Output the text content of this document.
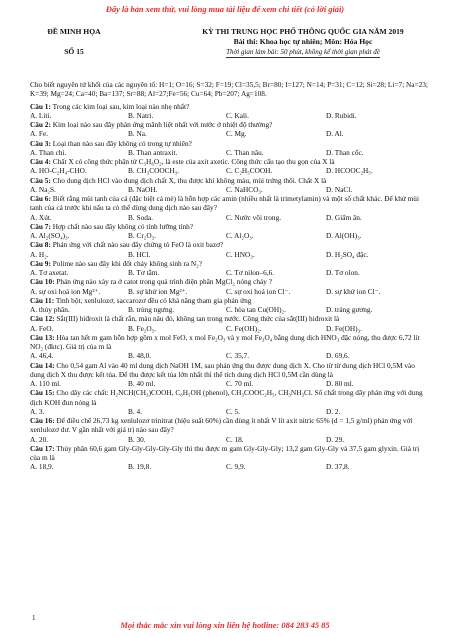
Đây là bản xem thử, vui lòng mua tài liệu để xem chi tiết (có lời giải)
ĐỀ MINH HỌA
SỐ 15
KỲ THI TRUNG HỌC PHỔ THÔNG QUỐC GIA NĂM 2019
Bài thi: Khoa học tự nhiên; Môn: Hóa Học
Thời gian làm bài: 50 phút, không kể thời gian phát đề

Cho biết nguyên tử khối của các nguyên tố: H=1; O=16; S=32; F=19; Cl=35,5; Br=80; I=127; N=14; P=31; C=12; Si=28; Li=7; Na=23; K=39; Mg=24; Ca=40; Ba=137; Sr=88; Al=27;Fe=56; Cu=64; Pb=207; Ag=108.

Câu 1: Trong các kim loại sau, kim loại nào nhẹ nhất?

A. Liti.	B. Natri.	C. Kali.	D. Rubidi.

Câu 2: Kim loại nào sau đây phản ứng mãnh liệt nhất với nước ở nhiệt độ thường?

A. Fe.	B. Na.	C. Mg.	D. Al.

Câu 3: Loại than nào sau đây không có trong tự nhiên?

A. Than chì.	B. Than antraxit.	C. Than nâu.	D. Than cốc.

Câu 4: Chất X có công thức phân tử C₃H₆O₂, là este của axit axetic. Công thức cấu tạo thu gọn của X là

A. HO-C₂H₄-CHO.	B. CH₃COOCH₃.	C. C₂H₅COOH.	D. HCOOC₂H₅.

Câu 5: Cho dung dịch HCl vào dung dịch chất X, thu được khí không màu, mùi trứng thối. Chất X là

A. Na₂S.	B. NaOH.	C. NaHCO₃.	D. NaCl.

Câu 6: Biết rằng mùi tanh của cá (đặc biệt cá mè) là hỗn hợp các amin (nhiều nhất là trimetylamin) và một số chất khác. Để khử mùi tanh của cá trước khi nấu ta có thể dùng dung dịch nào sau đây?

A. Xút.	B. Soda.	C. Nước vôi trong.	D. Giấm ăn.

Câu 7: Hợp chất nào sau đây không có tính lưỡng tính?

A. Al₂(SO₄)₃.	B. Cr₂O₃.	C. Al₂O₃.	D. Al(OH)₃.

Câu 8: Phản ứng với chất nào sau đây chứng tỏ FeO là oxit bazơ?

A. H₂.	B. HCl.	C. HNO₃.	D. H₂SO₄ đặc.

Câu 9: Polime nào sau đây khi đốt cháy không sinh ra N₂?

A. Tơ axetat.	B. Tơ tằm.	C. Tơ nilon–6,6.	D. Tơ olon.

Câu 10: Phản ứng nào xảy ra ở catot trong quá trình điện phân MgCl₂ nóng chảy ?

A. sự oxi hoá ion Mg²⁺.	B. sự khử ion Mg²⁺.	C. sự oxi hoá ion Cl⁻.	D. sự khử ion Cl⁻.

Câu 11: Tinh bột, xenlulozơ, saccarozơ đều có khả năng tham gia phản ứng

A. thủy phân.	B. trùng ngưng.	C. hòa tan Cu(OH)₂.	D. tráng gương.

Câu 12: Sắt(III) hiđroxit là chất rắn, màu nâu đỏ, không tan trong nước. Công thức của sắt(III) hiđroxit là

A. FeO.	B. Fe₂O₃.	C. Fe(OH)₂.	D. Fe(OH)₃.

Câu 13: Hòa tan hết m gam hỗn hợp gồm x mol FeO, x mol Fe₂O₃ và y mol Fe₃O₄ bằng dung dịch HNO₃ đặc nóng, thu được 6,72 lít NO₂ (đktc). Giá trị của m là

A. 46,4.	B. 48,0.	C. 35,7.	D. 69,6.

Câu 14: Cho 0,54 gam Al vào 40 ml dung dịch NaOH 1M, sau phản ứng thu được dung dịch X. Cho từ từ dung dịch HCl 0,5M vào dung dịch X thu được kết tủa. Để thu được kết tủa lớn nhất thì thể tích dung dịch HCl 0,5M cần dùng là

A. 110 ml.	B. 40 ml.	C. 70 ml.	D. 80 ml.

Câu 15: Cho dãy các chất: H₂NCH(CH₃)COOH, C₆H₅OH (phenol), CH₃COOC₂H₅, CH₃NH₃Cl. Số chất trong dãy phản ứng với dung dịch KOH đun nóng là

A. 3.	B. 4.	C. 5.	D. 2.

Câu 16: Để điều chế 26,73 kg xenlulozơ trinitrat (hiệu suất 60%) cần dùng ít nhất V lít axit nitric 65% (d = 1,5 g/ml) phản ứng với xenlulozơ dư. V gần nhất với giá trị nào sau đây?

A. 20.	B. 30.	C. 18.	D. 29.

Câu 17: Thủy phân 60,6 gam Gly-Gly-Gly-Gly-Gly thì thu được m gam Gly-Gly-Gly; 13,2 gam Gly-Gly và 37,5 gam glyxin. Giá trị của m là

A. 18,9.	B. 19,8.	C. 9,9.	D. 37,8.
1
Mọi thắc mắc xin vui lòng xin liên hệ hotline: 084 283 45 85
